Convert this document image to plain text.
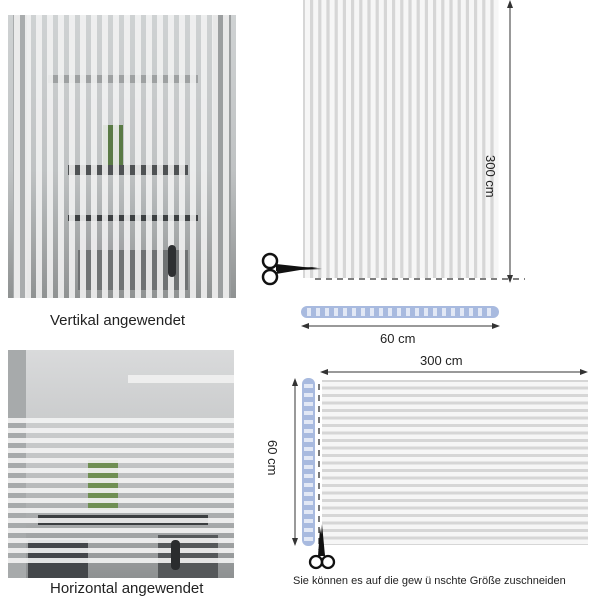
Vertikal angewendet
300 cm
60 cm
Horizontal angewendet
300 cm
60 cm
Sie können es auf die gew ü nschte Größe zuschneiden
